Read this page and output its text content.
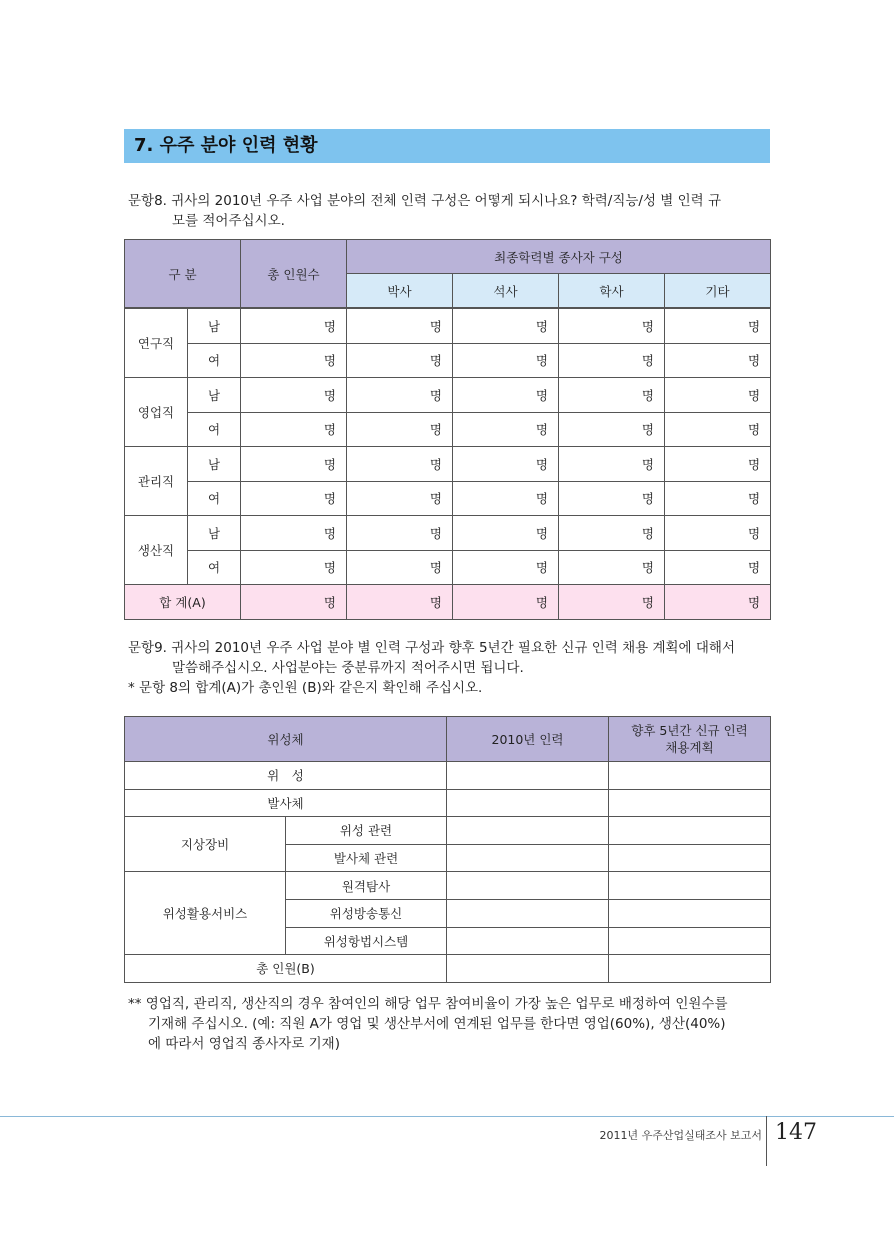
7. 우주 분야 인력 현황
문항8. 귀사의 2010년 우주 사업 분야의 전체 인력 구성은 어떻게 되시나요? 학력/직능/성 별 인력 규
모를 적어주십시오.
구 분		총 인원수	최종학력별 종사자 구성			
			박사	석사	학사	기타

연구직	남	명	명	명	명	명
	여	명	명	명	명	명
영업직	남	명	명	명	명	명
	여	명	명	명	명	명
관리직	남	명	명	명	명	명
	여	명	명	명	명	명
생산직	남	명	명	명	명	명
	여	명	명	명	명	명
합 계(A)		명	명	명	명	명
문항9. 귀사의 2010년 우주 사업 분야 별 인력 구성과 향후 5년간 필요한 신규 인력 채용 계획에 대해서
말씀해주십시오. 사업분야는 중분류까지 적어주시면 됩니다.
* 문항 8의 합계(A)가 총인원 (B)와 같은지 확인해 주십시오.
위성체		2010년 인력	향후 5년간 신규 인력
채용계획
위　성			
발사체			
지상장비	위성 관련		
	발사체 관련		
위성활용서비스	원격탐사		
	위성방송통신		
	위성항법시스템		
총 인원(B)			
** 영업직, 관리직, 생산직의 경우 참여인의 해당 업무 참여비율이 가장 높은 업무로 배정하여 인원수를
기재해 주십시오. (예: 직원 A가 영업 및 생산부서에 연계된 업무를 한다면 영업(60%), 생산(40%)
에 따라서 영업직 종사자로 기재)
2011년 우주산업실태조사 보고서 147
